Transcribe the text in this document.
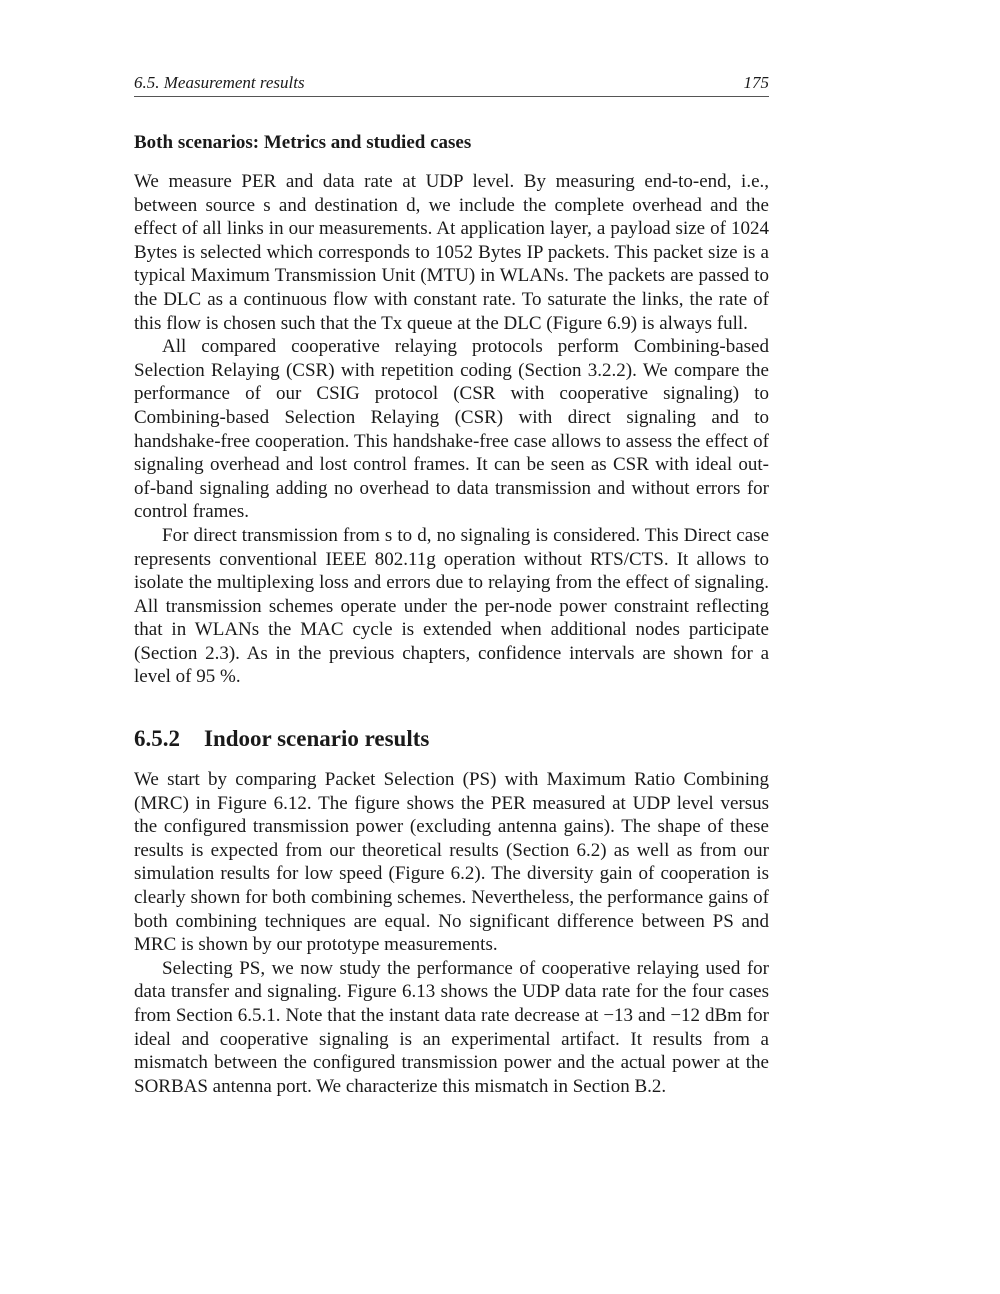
6.5. Measurement results	175
Both scenarios: Metrics and studied cases

We measure PER and data rate at UDP level. By measuring end-to-end, i.e., between source s and destination d, we include the complete overhead and the effect of all links in our measurements. At application layer, a payload size of 1024 Bytes is selected which corresponds to 1052 Bytes IP packets. This packet size is a typical Maximum Transmission Unit (MTU) in WLANs. The packets are passed to the DLC as a continuous flow with constant rate. To saturate the links, the rate of this flow is chosen such that the Tx queue at the DLC (Figure 6.9) is always full.

All compared cooperative relaying protocols perform Combining-based Selection Relaying (CSR) with repetition coding (Section 3.2.2). We compare the performance of our CSIG protocol (CSR with cooperative signaling) to Combining-based Selection Relaying (CSR) with direct signaling and to handshake-free cooperation. This handshake-free case allows to assess the effect of signaling overhead and lost control frames. It can be seen as CSR with ideal out-of-band signaling adding no overhead to data transmission and without errors for control frames.

For direct transmission from s to d, no signaling is considered. This Direct case represents conventional IEEE 802.11g operation without RTS/CTS. It allows to isolate the multiplexing loss and errors due to relaying from the effect of signaling. All transmission schemes operate under the per-node power constraint reflecting that in WLANs the MAC cycle is extended when additional nodes participate (Section 2.3). As in the previous chapters, confidence intervals are shown for a level of 95 %.

6.5.2 Indoor scenario results

We start by comparing Packet Selection (PS) with Maximum Ratio Combining (MRC) in Figure 6.12. The figure shows the PER measured at UDP level versus the configured transmission power (excluding antenna gains). The shape of these results is expected from our theoretical results (Section 6.2) as well as from our simulation results for low speed (Figure 6.2). The diversity gain of cooperation is clearly shown for both combining schemes. Nevertheless, the performance gains of both combining techniques are equal. No significant difference between PS and MRC is shown by our prototype measurements.

Selecting PS, we now study the performance of cooperative relaying used for data transfer and signaling. Figure 6.13 shows the UDP data rate for the four cases from Section 6.5.1. Note that the instant data rate decrease at −13 and −12 dBm for ideal and cooperative signaling is an experimental artifact. It results from a mismatch between the configured transmission power and the actual power at the SORBAS antenna port. We characterize this mismatch in Section B.2.
